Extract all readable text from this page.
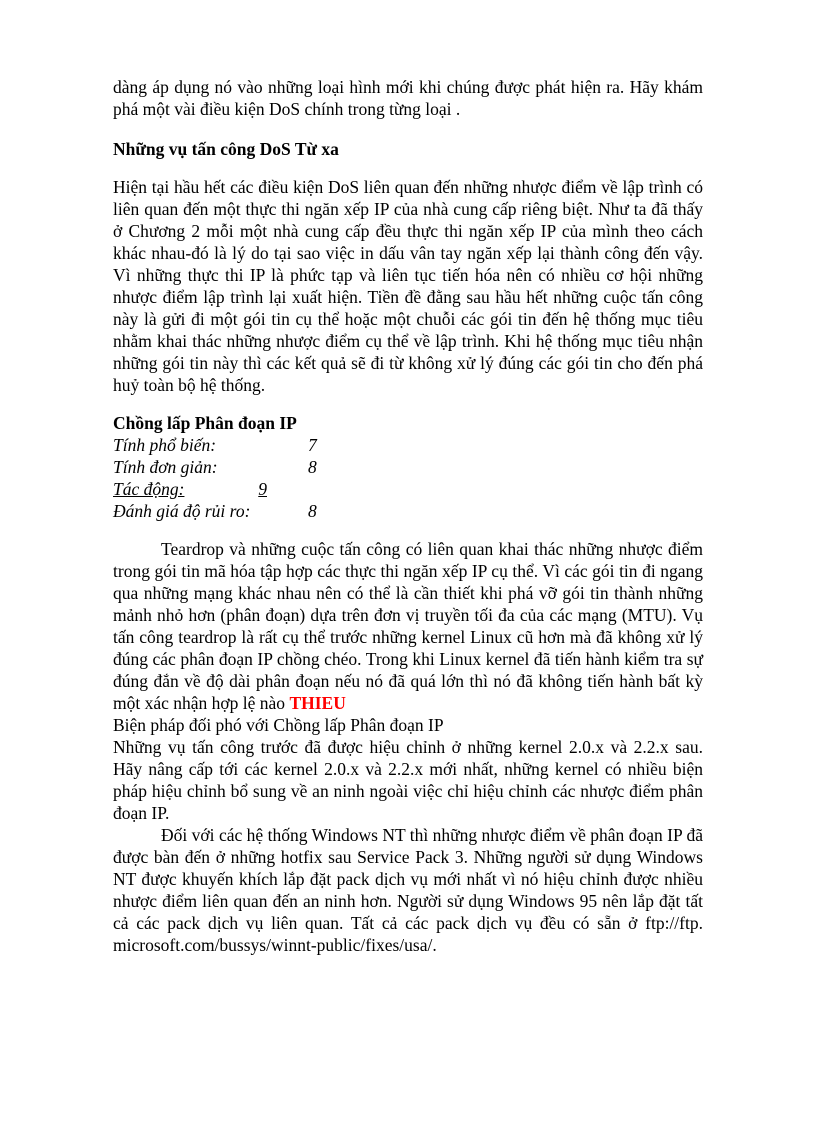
dàng áp dụng nó vào những loại hình mới khi chúng được phát hiện ra. Hãy khám phá một vài điều kiện DoS chính trong từng loại .

Những vụ tấn công DoS Từ xa

Hiện tại hầu hết các điều kiện DoS liên quan đến những nhược điểm về lập trình có liên quan đến một thực thi ngăn xếp IP của nhà cung cấp riêng biệt. Như ta đã thấy ở Chương 2 mỗi một nhà cung cấp đều thực thi ngăn xếp IP của mình theo cách khác nhau-đó là lý do tại sao việc in dấu vân tay ngăn xếp lại thành công đến vậy. Vì những thực thi IP là phức tạp và liên tục tiến hóa nên có nhiều cơ hội những nhược điểm lập trình lại xuất hiện. Tiền đề đằng sau hầu hết những cuộc tấn công này là gửi đi một gói tin cụ thể hoặc một chuỗi các gói tin đến hệ thống mục tiêu nhằm khai thác những nhược điểm cụ thể về lập trình. Khi hệ thống mục tiêu nhận những gói tin này thì các kết quả sẽ đi từ không xử lý đúng các gói tin cho đến phá huỷ toàn bộ hệ thống.

Chồng lấp Phân đoạn IP

Tính phổ biến:	7
Tính đơn giản:	8
Tác động:	9
Đánh giá độ rủi ro:	8

Teardrop và những cuộc tấn công có liên quan khai thác những nhược điểm trong gói tin mã hóa tập hợp các thực thi ngăn xếp IP cụ thể. Vì các gói tin đi ngang qua những mạng khác nhau nên có thể là cần thiết khi phá vỡ gói tin thành những mảnh nhỏ hơn (phân đoạn) dựa trên đơn vị truyền tối đa của các mạng (MTU). Vụ tấn công teardrop là rất cụ thể trước những kernel Linux cũ hơn mà đã không xử lý đúng các phân đoạn IP chồng chéo. Trong khi Linux kernel đã tiến hành kiểm tra sự đúng đắn về độ dài phân đoạn nếu nó đã quá lớn thì nó đã không tiến hành bất kỳ một xác nhận hợp lệ nào THIEU

Biện pháp đối phó với Chồng lấp Phân đoạn IP

Những vụ tấn công trước đã được hiệu chỉnh ở những kernel 2.0.x và 2.2.x sau. Hãy nâng cấp tới các kernel 2.0.x và 2.2.x mới nhất, những kernel có nhiều biện pháp hiệu chỉnh bổ sung về an ninh ngoài việc chỉ hiệu chỉnh các nhược điểm phân đoạn IP.

Đối với các hệ thống Windows NT thì những nhược điểm về phân đoạn IP đã được bàn đến ở những hotfix sau Service Pack 3. Những người sử dụng Windows NT được khuyến khích lắp đặt pack dịch vụ mới nhất vì nó hiệu chỉnh được nhiều nhược điểm liên quan đến an ninh hơn. Người sử dụng Windows 95 nên lắp đặt tất cả các pack dịch vụ liên quan. Tất cả các pack dịch vụ đều có sẵn ở ftp://ftp. microsoft.com/bussys/winnt-public/fixes/usa/.
